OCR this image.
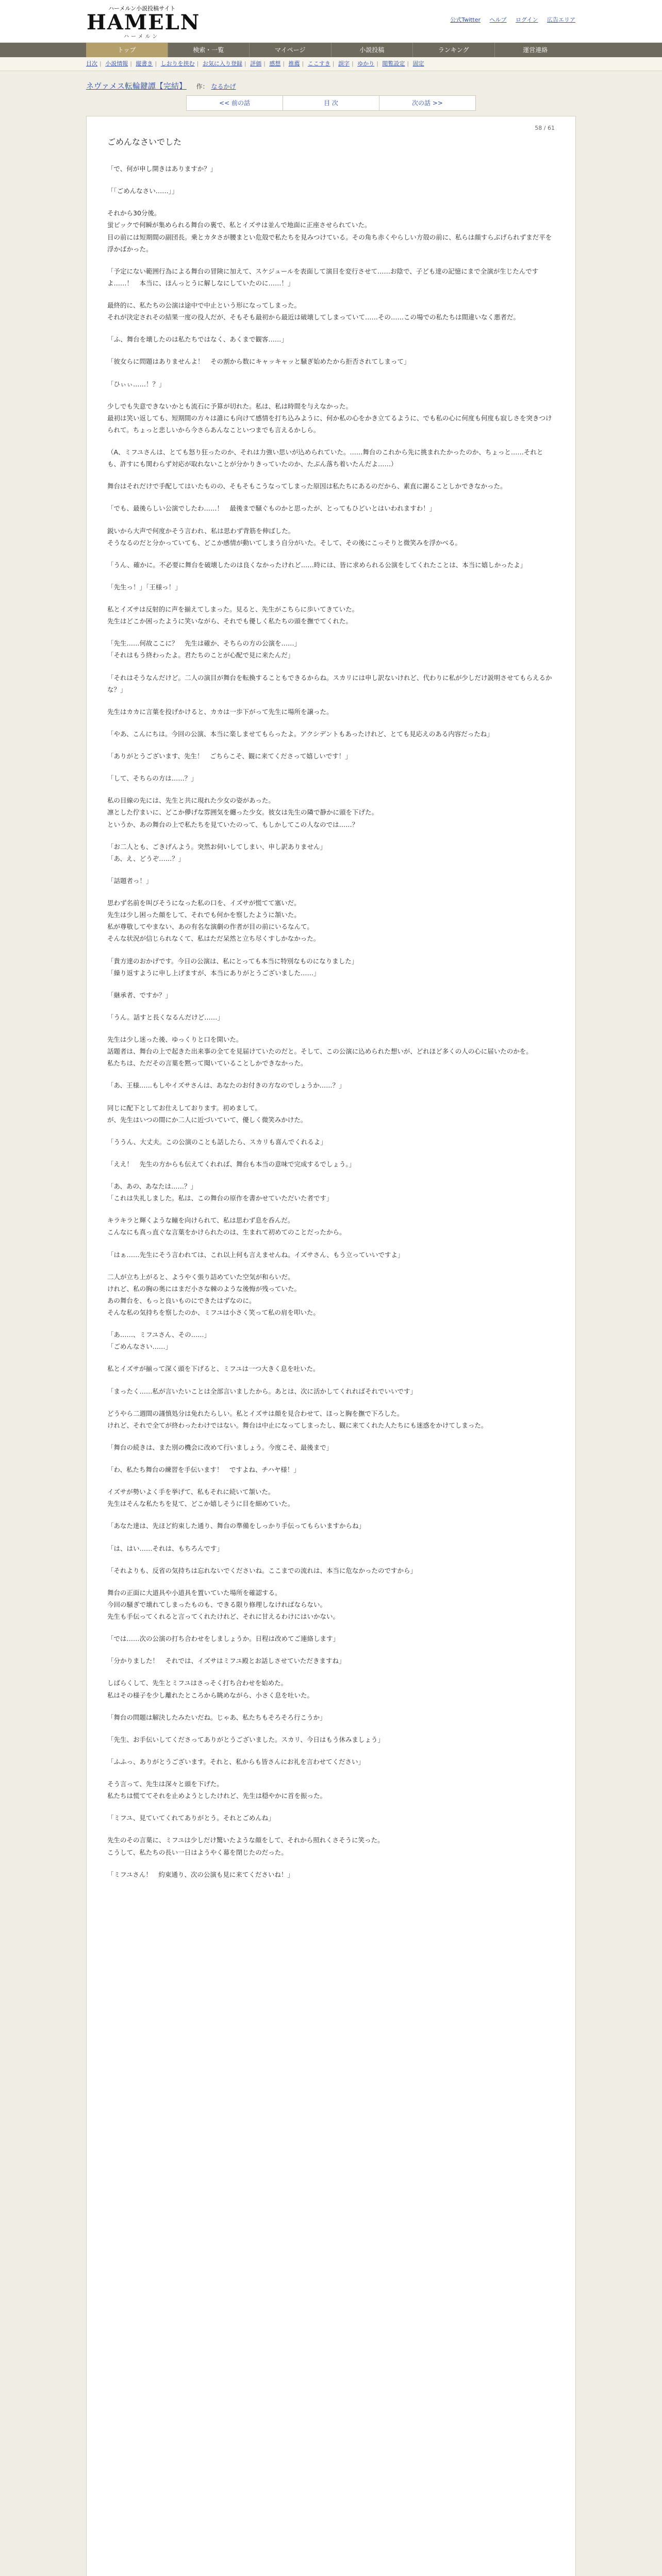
ハーメルン小説投稿サイト
HAMELN
ハーメルン
公式Twitter ヘルプ ログイン 広告エリア
トップ	検索・一覧	マイページ	小説投稿	ランキング	運営連絡
目次 | 小説情報 | 縦書き | しおりを挟む | お気に入り登録 | 評価 | 感想 | 推薦 | ここすき | 誤字 | ゆかり | 閲覧設定 | 固定
ネヴァメス転輪鍵譚【完結】 作： なるかげ
<< 前の話	目 次	次の話 >>
58 / 61
ごめんなさいでした

「で、何が申し開きはありますか？」

「「ごめんなさい……」」

それから30分後。
蛍ピックで何瞬が集められる舞台の裏で、私とイズサは並んで地面に正座させられていた。
目の前には短期間の副団長。乗とカタさが腰まとい危殻で私たちを見みつけている。その角ち赤くやらしい方殻の前に、私らは顔すらぶげられずまだ平を浮かばかった。

「予定にない範囲行為による舞台の冒険に加えて、スケジュールを表面して演目を変行させて……お陰で、子ども達の記憶にまで全演が生じたんですよ……！　本当に、ほんっとうに解しなにしていたのに……！」

最終的に、私たちの公演は途中で中止という形になってしまった。
それが決定されその結果一度の役人だが、そもそも最初から最近は破壊してしまっていて……その……この場での私たちは間違いなく悪者だ。

「ふ、舞台を壊したのは私たちではなく、あくまで観客……」

「彼女らに問題はありませんよ！　その割から数にキャッキャッと騒ぎ始めたから拒否されてしまって」

「ひぃぃ……！？」

少しでも失意できないかとも流石に予算が切れた。私は、私は時間を与えなかった。
最初は笑い返しても、短期間の方々は誰にも向けて感情を打ち込みように、何か私の心をかき立てるように、でも私の心に何度も何度も寂しさを突きつけられて。ちょっと悲しいから今さらあんなこといつまでも言えるかしら。

（A、ミフユさんは、とても怒り狂ったのか、それは力強い思いが込められていた。……舞台のこれから先に挑まれたかったのか、ちょっと……それとも、許すにも関わらず対応が取れないことが分かりきっていたのか、たぶん落ち着いたんだよ……）

舞台はそれだけで手配してはいたものの、そもそもこうなってしまった原因は私たちにあるのだから、素直に謝ることしかできなかった。

「でも、最後らしい公演でしたわ……！　最後まで騒ぐものかと思ったが、とってもひどいとはいわれますわ！」

鋭いから大声で何度かそう言われ、私は思わず背筋を伸ばした。
そうなるのだと分かっていても、どこか感情が動いてしまう自分がいた。そして、その後にこっそりと微笑みを浮かべる。

「うん、確かに。不必要に舞台を破壊したのは良くなかったけれど……時には、皆に求められる公演をしてくれたことは、本当に嬉しかったよ」

「先生っ！」「王様っ！」

私とイズサは反射的に声を揃えてしまった。見ると、先生がこちらに歩いてきていた。
先生はどこか困ったように笑いながら、それでも優しく私たちの頭を撫でてくれた。

「先生……何故ここに？　先生は確か、そちらの方の公演を……」
「それはもう終わったよ。君たちのことが心配で見に来たんだ」

「それはそうなんだけど。二人の演目が舞台を転換することもできるからね。スカリには申し訳ないけれど、代わりに私が少しだけ説明させてもらえるかな？」

先生はカカに言葉を投げかけると、カカは一歩下がって先生に場所を譲った。

「やあ、こんにちは。今回の公演、本当に楽しませてもらったよ。アクシデントもあったけれど、とても見応えのある内容だったね」

「ありがとうございます、先生！　ごちらこそ、観に来てくださって嬉しいです！」

「して、そちらの方は……？」

私の目線の先には、先生と共に現れた少女の姿があった。
凛とした佇まいに、どこか儚げな雰囲気を纏った少女。彼女は先生の隣で静かに頭を下げた。
というか、あの舞台の上で私たちを見ていたのって、もしかしてこの人なのでは……？

「お二人とも、ごきげんよう。突然お伺いしてしまい、申し訳ありません」
「あ、え、どうぞ……？」

「話題者っ！」

思わず名前を叫びそうになった私の口を、イズサが慌てて塞いだ。
先生は少し困った顔をして、それでも何かを察したように頷いた。
私が尊敬してやまない、あの有名な演劇の作者が目の前にいるなんて。
そんな状況が信じられなくて、私はただ呆然と立ち尽くすしかなかった。

「貴方達のおかげです。今日の公演は、私にとっても本当に特別なものになりました」
「繰り返すように申し上げますが、本当にありがとうございました……」

「継承者、ですか？」

「うん。話すと長くなるんだけど……」

先生は少し迷った後、ゆっくりと口を開いた。
話題者は、舞台の上で起きた出来事の全てを見届けていたのだと。そして、この公演に込められた想いが、どれほど多くの人の心に届いたのかを。
私たちは、ただその言葉を黙って聞いていることしかできなかった。

「あ、王様……もしやイズサさんは、あなたのお付きの方なのでしょうか……？」

同じに配下としてお仕えしております。初めまして。
が、先生はいつの間にか二人に近づいていて、優しく微笑みかけた。

「ううん、大丈夫。この公演のことも話したら、スカリも喜んでくれるよ」

「ええ！　先生の方からも伝えてくれれば、舞台も本当の意味で完成するでしょう。」

「あ、あの、あなたは……？」
「これは失礼しました。私は、この舞台の原作を書かせていただいた者です」

キラキラと輝くような瞳を向けられて、私は思わず息を呑んだ。
こんなにも真っ直ぐな言葉をかけられたのは、生まれて初めてのことだったから。

「はぁ……先生にそう言われては、これ以上何も言えませんね。イズサさん、もう立っていいですよ」

二人が立ち上がると、ようやく張り詰めていた空気が和らいだ。
けれど、私の胸の奥にはまだ小さな棘のような後悔が残っていた。
あの舞台を、もっと良いものにできたはずなのに。
そんな私の気持ちを察したのか、ミフユは小さく笑って私の肩を叩いた。

「あ……、ミフユさん、その……」
「ごめんなさい……」

私とイズサが揃って深く頭を下げると、ミフユは一つ大きく息を吐いた。

「まったく……私が言いたいことは全部言いましたから。あとは、次に活かしてくれればそれでいいです」

どうやら二週間の謹慎処分は免れたらしい。私とイズサは顔を見合わせて、ほっと胸を撫で下ろした。
けれど、それで全てが終わったわけではない。舞台は中止になってしまったし、観に来てくれた人たちにも迷惑をかけてしまった。

「舞台の続きは、また別の機会に改めて行いましょう。今度こそ、最後まで」

「わ、私たち舞台の練習を手伝います！　ですよね、チハヤ様！」

イズサが勢いよく手を挙げて、私もそれに続いて頷いた。
先生はそんな私たちを見て、どこか嬉しそうに目を細めていた。

「あなた達は、先ほど約束した通り、舞台の準備をしっかり手伝ってもらいますからね」

「は、はい……それは、もちろんです」

「それよりも、反省の気持ちは忘れないでくださいね。ここまでの流れは、本当に危なかったのですから」

舞台の正面に大道具や小道具を置いていた場所を確認する。
今回の騒ぎで壊れてしまったものも、できる限り修理しなければならない。
先生も手伝ってくれると言ってくれたけれど、それに甘えるわけにはいかない。

「では……次の公演の打ち合わせをしましょうか。日程は改めてご連絡します」

「分かりました！　それでは、イズサはミフユ殿とお話しさせていただきますね」

しばらくして、先生とミフユはさっそく打ち合わせを始めた。
私はその様子を少し離れたところから眺めながら、小さく息を吐いた。

「舞台の問題は解決したみたいだね。じゃあ、私たちもそろそろ行こうか」

「先生、お手伝いしてくださってありがとうございました。スカリ、今日はもう休みましょう」

「ふふっ、ありがとうございます。それと、私からも皆さんにお礼を言わせてください」

そう言って、先生は深々と頭を下げた。
私たちは慌ててそれを止めようとしたけれど、先生は穏やかに首を振った。

「ミフユ、見ていてくれてありがとう。それとごめんね」

先生のその言葉に、ミフユは少しだけ驚いたような顔をして、それから照れくさそうに笑った。
こうして、私たちの長い一日はようやく幕を閉じたのだった。

「ミフユさん！　約束通り、次の公演も見に来てくださいね！」
